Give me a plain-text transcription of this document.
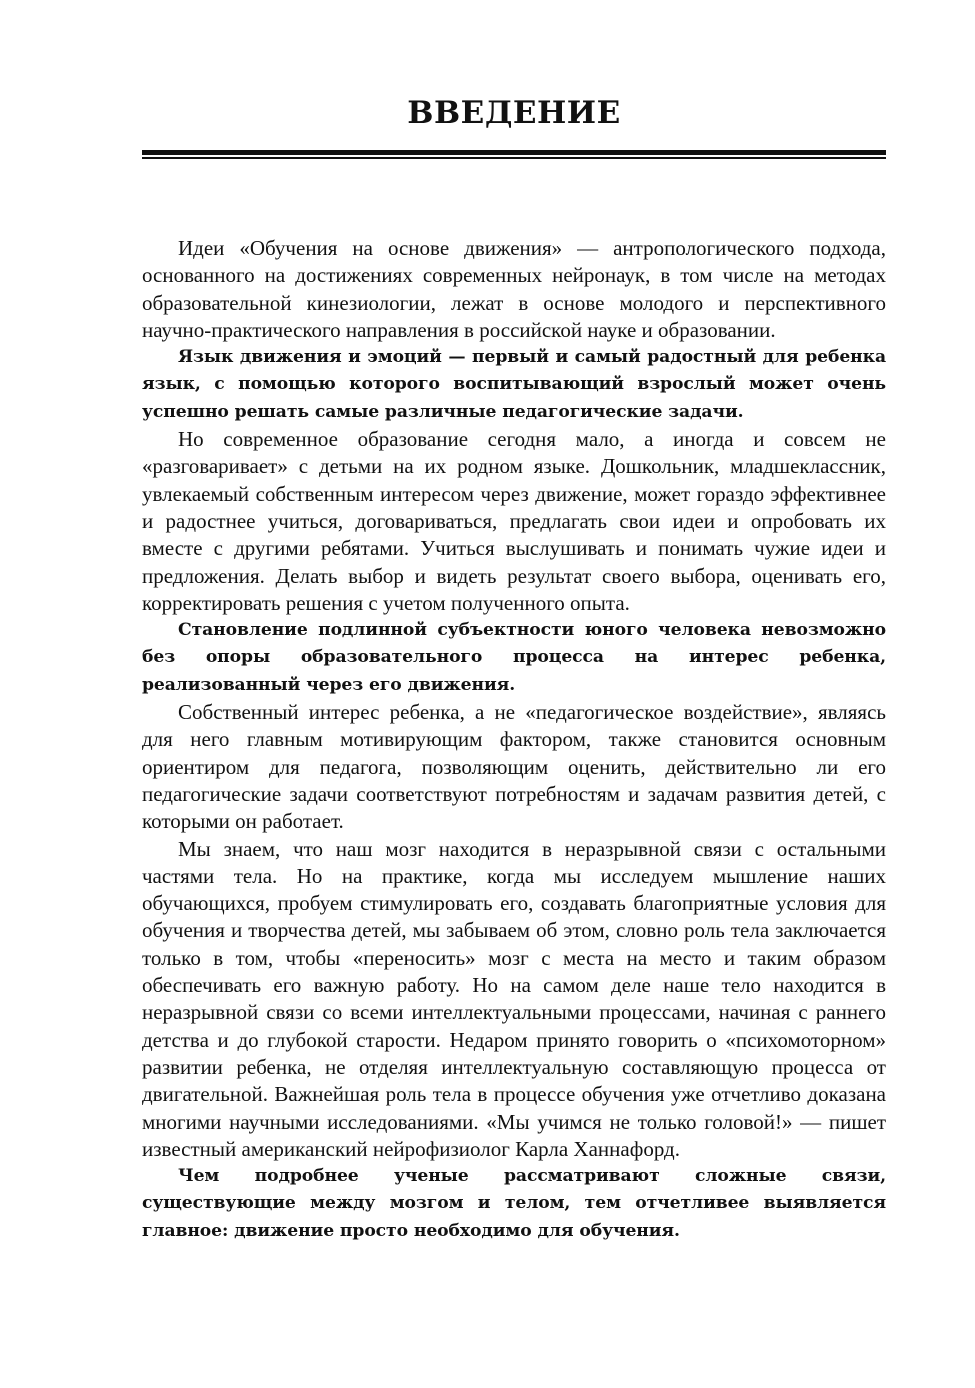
ВВЕДЕНИЕ

Идеи «Обучения на основе движения» — антропологического подхода, основанного на достижениях современных нейронаук, в том числе на методах образовательной кинезиологии, лежат в основе молодого и перспективного научно-практического направления в российской науке и образовании.

Язык движения и эмоций — первый и самый радостный для ребенка язык, с помощью которого воспитывающий взрослый может очень успешно решать самые различные педагогические задачи.

Но современное образование сегодня мало, а иногда и совсем не «разговаривает» с детьми на их родном языке. Дошкольник, младшеклассник, увлекаемый собственным интересом через движение, может гораздо эффективнее и радостнее учиться, договариваться, предлагать свои идеи и опробовать их вместе с другими ребятами. Учиться выслушивать и понимать чужие идеи и предложения. Делать выбор и видеть результат своего выбора, оценивать его, корректировать решения с учетом полученного опыта.

Становление подлинной субъектности юного человека невозможно без опоры образовательного процесса на интерес ребенка, реализованный через его движения.

Собственный интерес ребенка, а не «педагогическое воздействие», являясь для него главным мотивирующим фактором, также становится основным ориентиром для педагога, позволяющим оценить, действительно ли его педагогические задачи соответствуют потребностям и задачам развития детей, с которыми он работает.

Мы знаем, что наш мозг находится в неразрывной связи с остальными частями тела. Но на практике, когда мы исследуем мышление наших обучающихся, пробуем стимулировать его, создавать благоприятные условия для обучения и творчества детей, мы забываем об этом, словно роль тела заключается только в том, чтобы «переносить» мозг с места на место и таким образом обеспечивать его важную работу. Но на самом деле наше тело находится в неразрывной связи со всеми интеллектуальными процессами, начиная с раннего детства и до глубокой старости. Недаром принято говорить о «психомоторном» развитии ребенка, не отделяя интеллектуальную составляющую процесса от двигательной. Важнейшая роль тела в процессе обучения уже отчетливо доказана многими научными исследованиями. «Мы учимся не только головой!» — пишет известный американский нейрофизиолог Карла Ханнафорд.

Чем подробнее ученые рассматривают сложные связи, существующие между мозгом и телом, тем отчетливее выявляется главное: движение просто необходимо для обучения.
